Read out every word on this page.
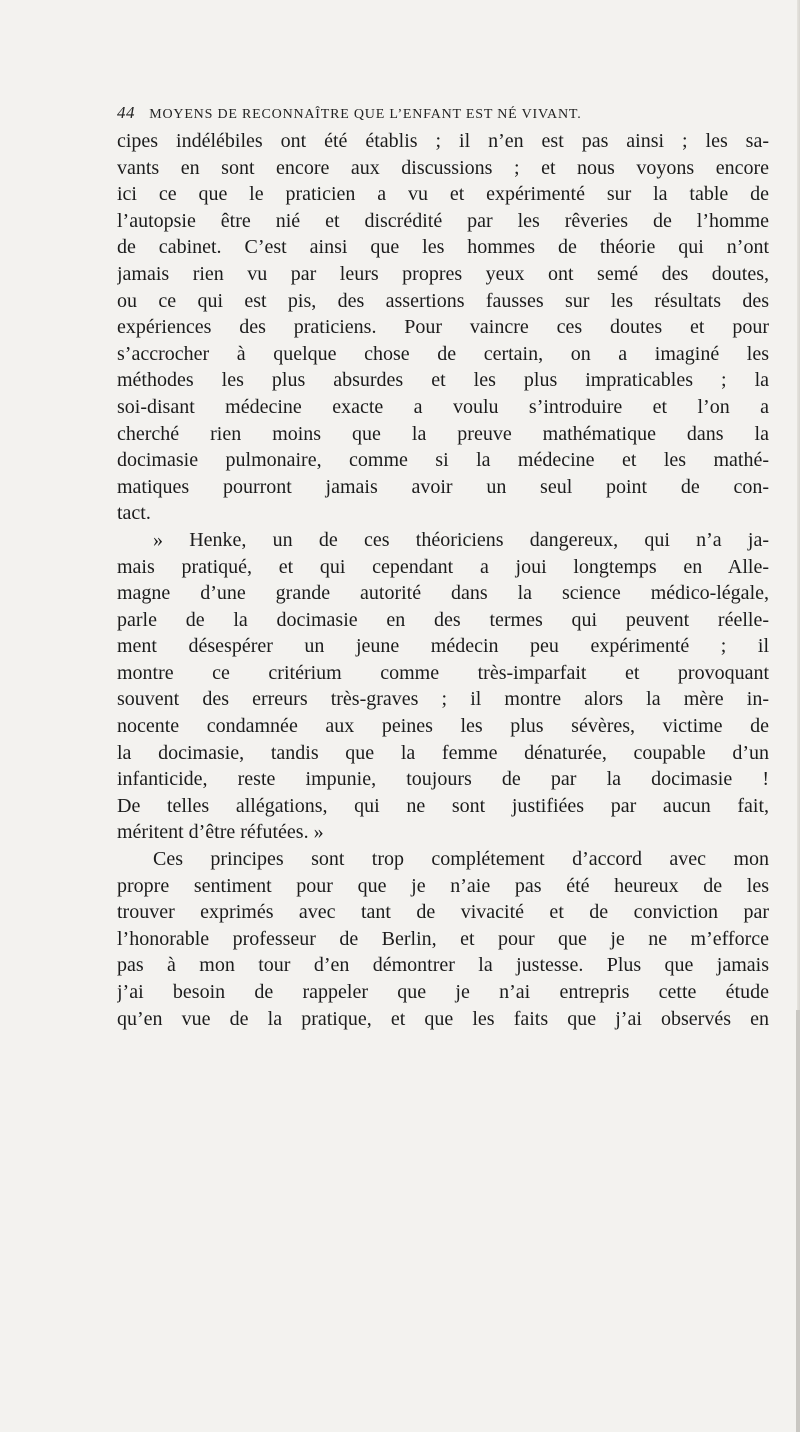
44 MOYENS DE RECONNAÎTRE QUE L’ENFANT EST NÉ VIVANT.
cipes indélébiles ont été établis ; il n’en est pas ainsi ; les sa-
vants en sont encore aux discussions ; et nous voyons encore
ici ce que le praticien a vu et expérimenté sur la table de
l’autopsie être nié et discrédité par les rêveries de l’homme
de cabinet. C’est ainsi que les hommes de théorie qui n’ont
jamais rien vu par leurs propres yeux ont semé des doutes,
ou ce qui est pis, des assertions fausses sur les résultats des
expériences des praticiens. Pour vaincre ces doutes et pour
s’accrocher à quelque chose de certain, on a imaginé les
méthodes les plus absurdes et les plus impraticables ; la
soi-disant médecine exacte a voulu s’introduire et l’on a
cherché rien moins que la preuve mathématique dans la
docimasie pulmonaire, comme si la médecine et les mathé-
matiques pourront jamais avoir un seul point de con-
tact.
» Henke, un de ces théoriciens dangereux, qui n’a ja-
mais pratiqué, et qui cependant a joui longtemps en Alle-
magne d’une grande autorité dans la science médico-légale,
parle de la docimasie en des termes qui peuvent réelle-
ment désespérer un jeune médecin peu expérimenté ; il
montre ce critérium comme très-imparfait et provoquant
souvent des erreurs très-graves ; il montre alors la mère in-
nocente condamnée aux peines les plus sévères, victime de
la docimasie, tandis que la femme dénaturée, coupable d’un
infanticide, reste impunie, toujours de par la docimasie !
De telles allégations, qui ne sont justifiées par aucun fait,
méritent d’être réfutées. »
Ces principes sont trop complétement d’accord avec mon
propre sentiment pour que je n’aie pas été heureux de les
trouver exprimés avec tant de vivacité et de conviction par
l’honorable professeur de Berlin, et pour que je ne m’efforce
pas à mon tour d’en démontrer la justesse. Plus que jamais
j’ai besoin de rappeler que je n’ai entrepris cette étude
qu’en vue de la pratique, et que les faits que j’ai observés en
